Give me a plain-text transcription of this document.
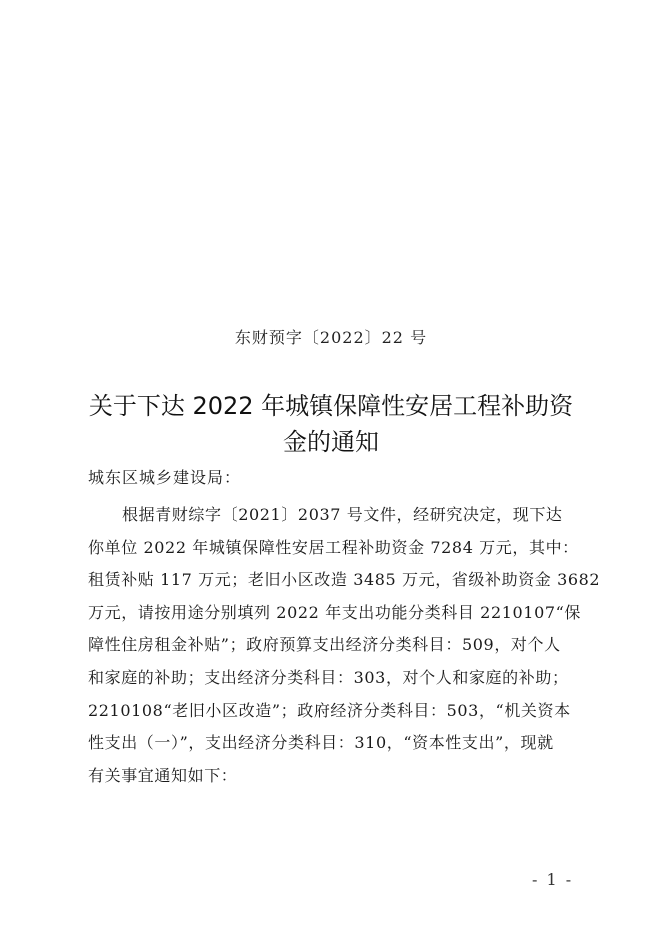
东财预字〔2022〕22 号
关于下达 2022 年城镇保障性安居工程补助资
金的通知
城东区城乡建设局：
根据青财综字〔2021〕2037 号文件，经研究决定，现下达
你单位 2022 年城镇保障性安居工程补助资金 7284 万元，其中：
租赁补贴 117 万元；老旧小区改造 3485 万元，省级补助资金 3682
万元，请按用途分别填列 2022 年支出功能分类科目 2210107“保
障性住房租金补贴”；政府预算支出经济分类科目：509，对个人
和家庭的补助；支出经济分类科目：303，对个人和家庭的补助；
2210108“老旧小区改造”；政府经济分类科目：503，“机关资本
性支出（一）”，支出经济分类科目：310，“资本性支出”，现就
有关事宜通知如下：
- 1 -
